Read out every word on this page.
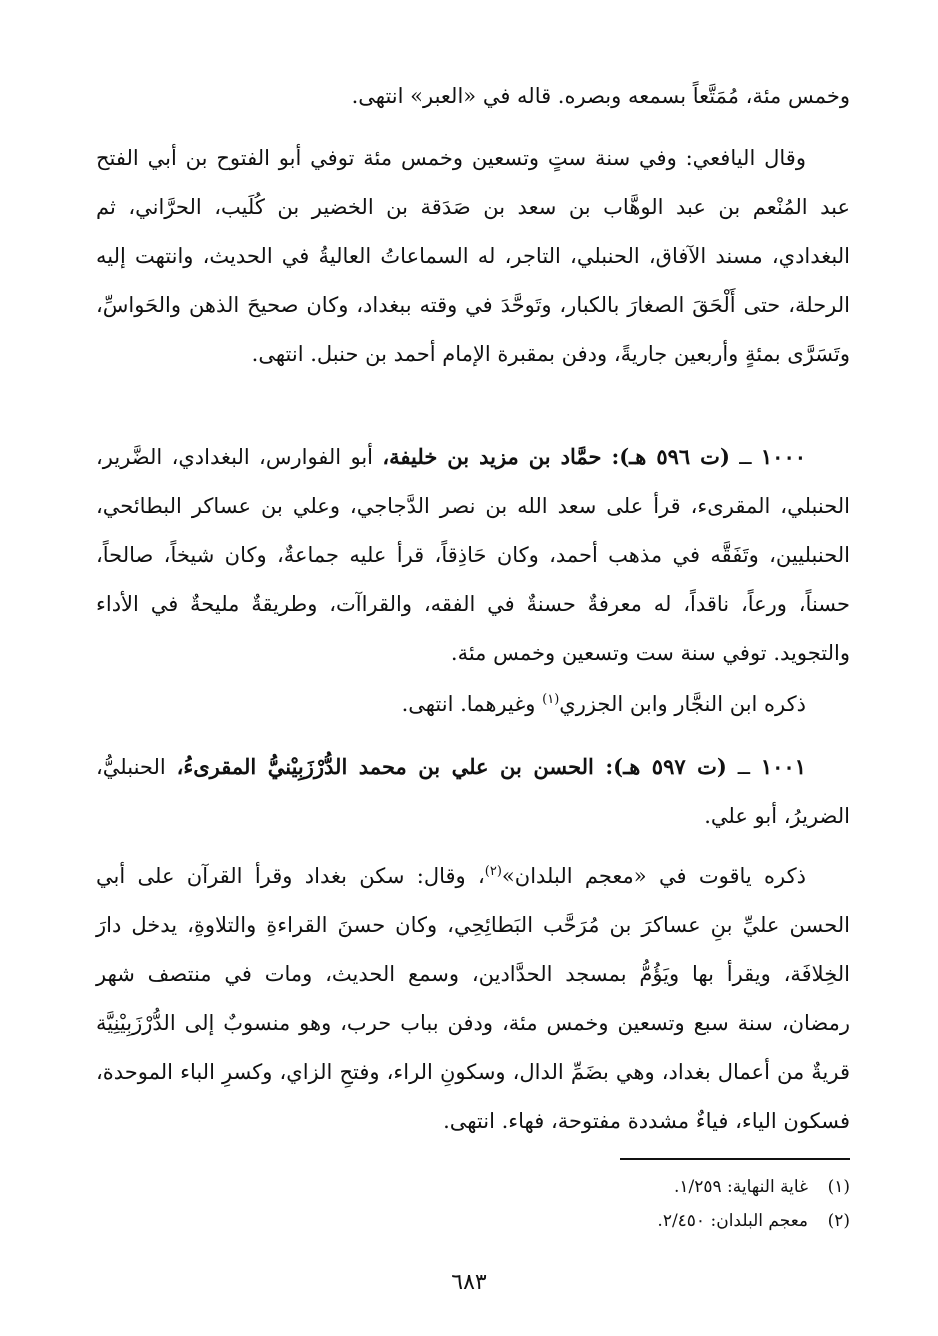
وخمس مئة، مُمَتَّعاً بسمعه وبصره. قاله في «العبر» انتهى.

وقال اليافعي: وفي سنة ستٍ وتسعين وخمس مئة توفي أبو الفتوح بن أبي الفتح عبد المُنْعم بن عبد الوهَّاب بن سعد بن صَدَقة بن الخضير بن كُلَيب، الحرَّاني، ثم البغدادي، مسند الآفاق، الحنبلي، التاجر، له السماعاتُ العاليةُ في الحديث، وانتهت إليه الرحلة، حتى أَلْحَقَ الصغارَ بالكبار، وتَوحَّدَ في وقته ببغداد، وكان صحيحَ الذهن والحَواسِّ، وتَسَرَّى بمئةٍ وأربعين جاريةً، ودفن بمقبرة الإمام أحمد بن حنبل. انتهى.

١٠٠٠ ــ (ت ٥٩٦ هـ): حمَّاد بن مزيد بن خليفة، أبو الفوارس، البغدادي، الضَّرير، الحنبلي، المقرىء، قرأ على سعد الله بن نصر الدَّجاجي، وعلي بن عساكر البطائحي، الحنبليين، وتَفَقَّه في مذهب أحمد، وكان حَاذِقاً، قرأ عليه جماعةٌ، وكان شيخاً، صالحاً، حسناً، ورعاً، ناقداً، له معرفةٌ حسنةٌ في الفقه، والقراآت، وطريقةٌ مليحةٌ في الأداء والتجويد. توفي سنة ست وتسعين وخمس مئة.

ذكره ابن النجَّار وابن الجزري$^{(١)}$ وغيرهما. انتهى.

١٠٠١ ــ (ت ٥٩٧ هـ): الحسن بن علي بن محمد الدُّرْزَبِيْنيُّ المقرىءُ، الحنبليُّ، الضريرُ، أبو علي.

ذكره ياقوت في «معجم البلدان»$^{(٢)}$، وقال: سكن بغداد وقرأ القرآن على أبي الحسن عليِّ بنِ عساكرَ بن مُرَحَّب البَطائِحِي، وكان حسنَ القراءةِ والتلاوةِ، يدخل دارَ الخِلافَة، ويقرأ بها ويَؤُمُّ بمسجد الحدَّادين، وسمع الحديث، ومات في منتصف شهر رمضان، سنة سبع وتسعين وخمس مئة، ودفن بباب حرب، وهو منسوبٌ إلى الدُّرْزَبِيْنِيَّة قريةٌ من أعمال بغداد، وهي بضَمِّ الدال، وسكونِ الراء، وفتحِ الزاي، وكسرِ الباء الموحدة، فسكون الياء، فياءٌ مشددة مفتوحة، فهاء. انتهى.

(١)
غاية النهاية: ١/٢٥٩.
(٢)
معجم البلدان: ٢/٤٥٠.
٦٨٣
